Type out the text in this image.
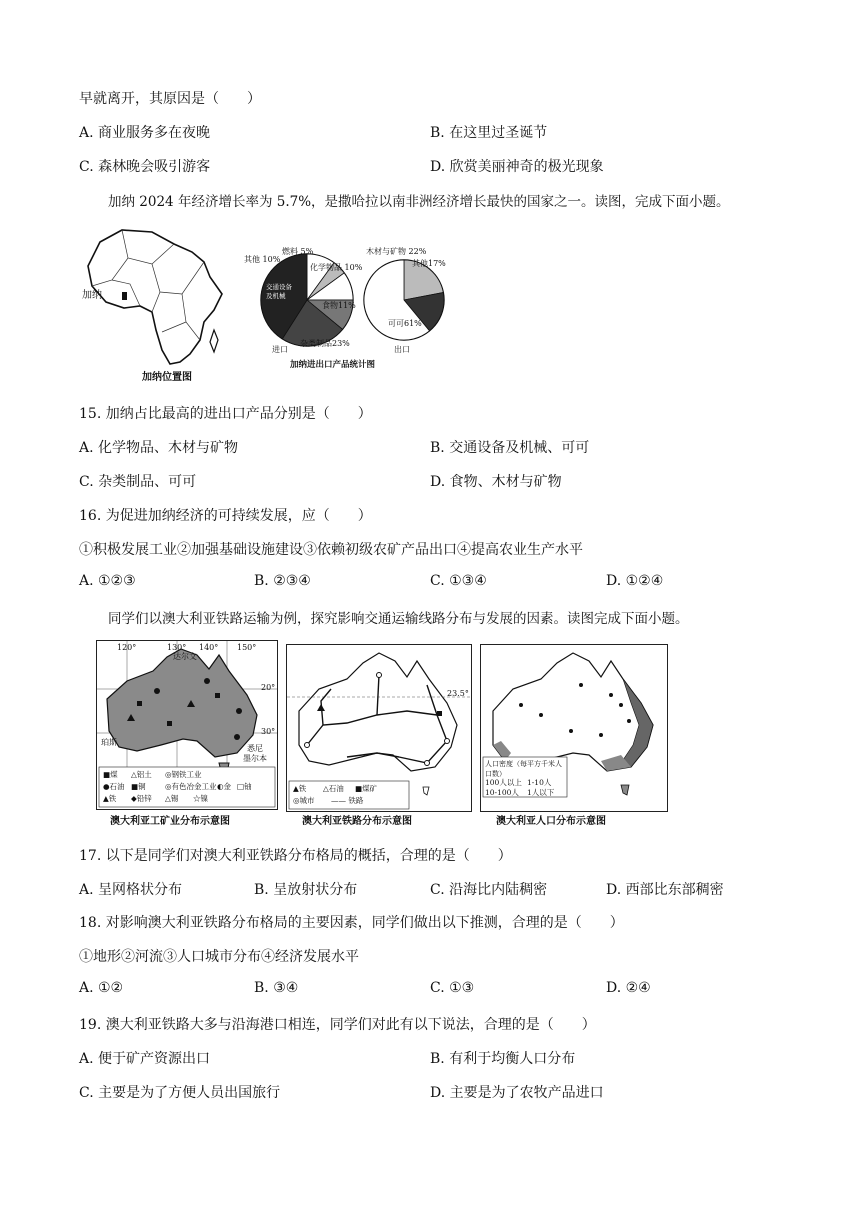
早就离开，其原因是（　　）
A. 商业服务多在夜晚	B. 在这里过圣诞节
C. 森林晚会吸引游客	D. 欣赏美丽神奇的极光现象
加纳 2024 年经济增长率为 5.7%，是撒哈拉以南非洲经济增长最快的国家之一。读图，完成下面小题。
加纳
加纳位置图
加纳进出口产品统计图
进口	出口
其他 10%
燃料 5%
化学物品 10%
食物11%
杂类制品23%
交通设备及机械
木材与矿物 22%
其他17%
可可61%
15. 加纳占比最高的进出口产品分别是（　　）
A. 化学物品、木材与矿物	B. 交通设备及机械、可可
C. 杂类制品、可可	D. 食物、木材与矿物
16. 为促进加纳经济的可持续发展，应（　　）
①积极发展工业②加强基础设施建设③依赖初级农矿产品出口④提高农业生产水平
A. ①②③	B. ②③④	C. ①③④	D. ①②④
同学们以澳大利亚铁路运输为例，探究影响交通运输线路分布与发展的因素。读图完成下面小题。
120°	130° 140° 150°
达尔文
20°
30°
珀斯
悉尼
墨尔本
■煤 △铝土 ◎钢铁工业
●石油 ■铜	◎有色冶金工业
▲铁 ◆铅锌 △锡 ☆镍
◐金 □铀
澳大利亚工矿业分布示意图
23.5°
▲铁 △石油 ■煤矿
◎城市 —— 铁路
澳大利亚铁路分布示意图
人口密度（每平方千米人口数）
100人以上 1-10人
10-100人 1人以下
澳大利亚人口分布示意图
17. 以下是同学们对澳大利亚铁路分布格局的概括，合理的是（　　）
A. 呈网格状分布	B. 呈放射状分布	C. 沿海比内陆稠密	D. 西部比东部稠密
18. 对影响澳大利亚铁路分布格局的主要因素，同学们做出以下推测，合理的是（　　）
①地形②河流③人口城市分布④经济发展水平
A. ①②	B. ③④	C. ①③	D. ②④
19. 澳大利亚铁路大多与沿海港口相连，同学们对此有以下说法，合理的是（　　）
A. 便于矿产资源出口	B. 有利于均衡人口分布
C. 主要是为了方便人员出国旅行	D. 主要是为了农牧产品进口
